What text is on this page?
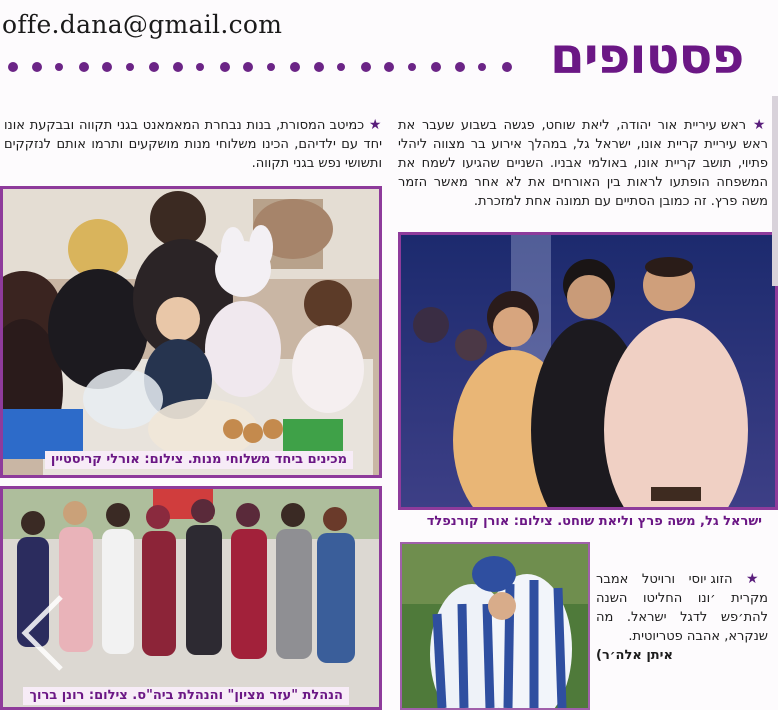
offe.dana@gmail.com
פסטופים

★ כמיטב המסורת, בנות נבחרת המאמאנט בגני תקווה ובבקעת אונו יחד עם ילדיהם, הכינו משלוחי מנות מושקעים ותרמו אותם לנזקקים ותשושי נפש בגני תקווה.

★ ראש עיריית אור יהודה, ליאת שוחט, פגשה בשבוע שעבר את ראש עיריית קריית אונו, ישראל גל, במהלך אירוע בר מצווה ליהלי פתיוי, תושב קריית אונו, באולמי אבניו. השניים שהגיעו לשמח את המשפחה הופתעו לראות בין האורחים את לא אחר מאשר הזמר משה פרץ. זה כמובן הסתיים עם תמונה אחת למזכרת.

מכינים ביחד משלוחי מנות. צילום: אורלי קריסטיין
ישראל גל, משה פרץ וליאת שוחט. צילום: אורן קורנפלד

★ הזוג יוסי ורויטל אמבר מקרית ׳ונו החליטו השנה להת׳פש לדגל ישראל. מה שנקרא, אהבה פטריוטית.

איתן אלה׳ר)

הנהלת "עזר מציון" והנהלת ביה"ס. צילום: רונן ברוך
